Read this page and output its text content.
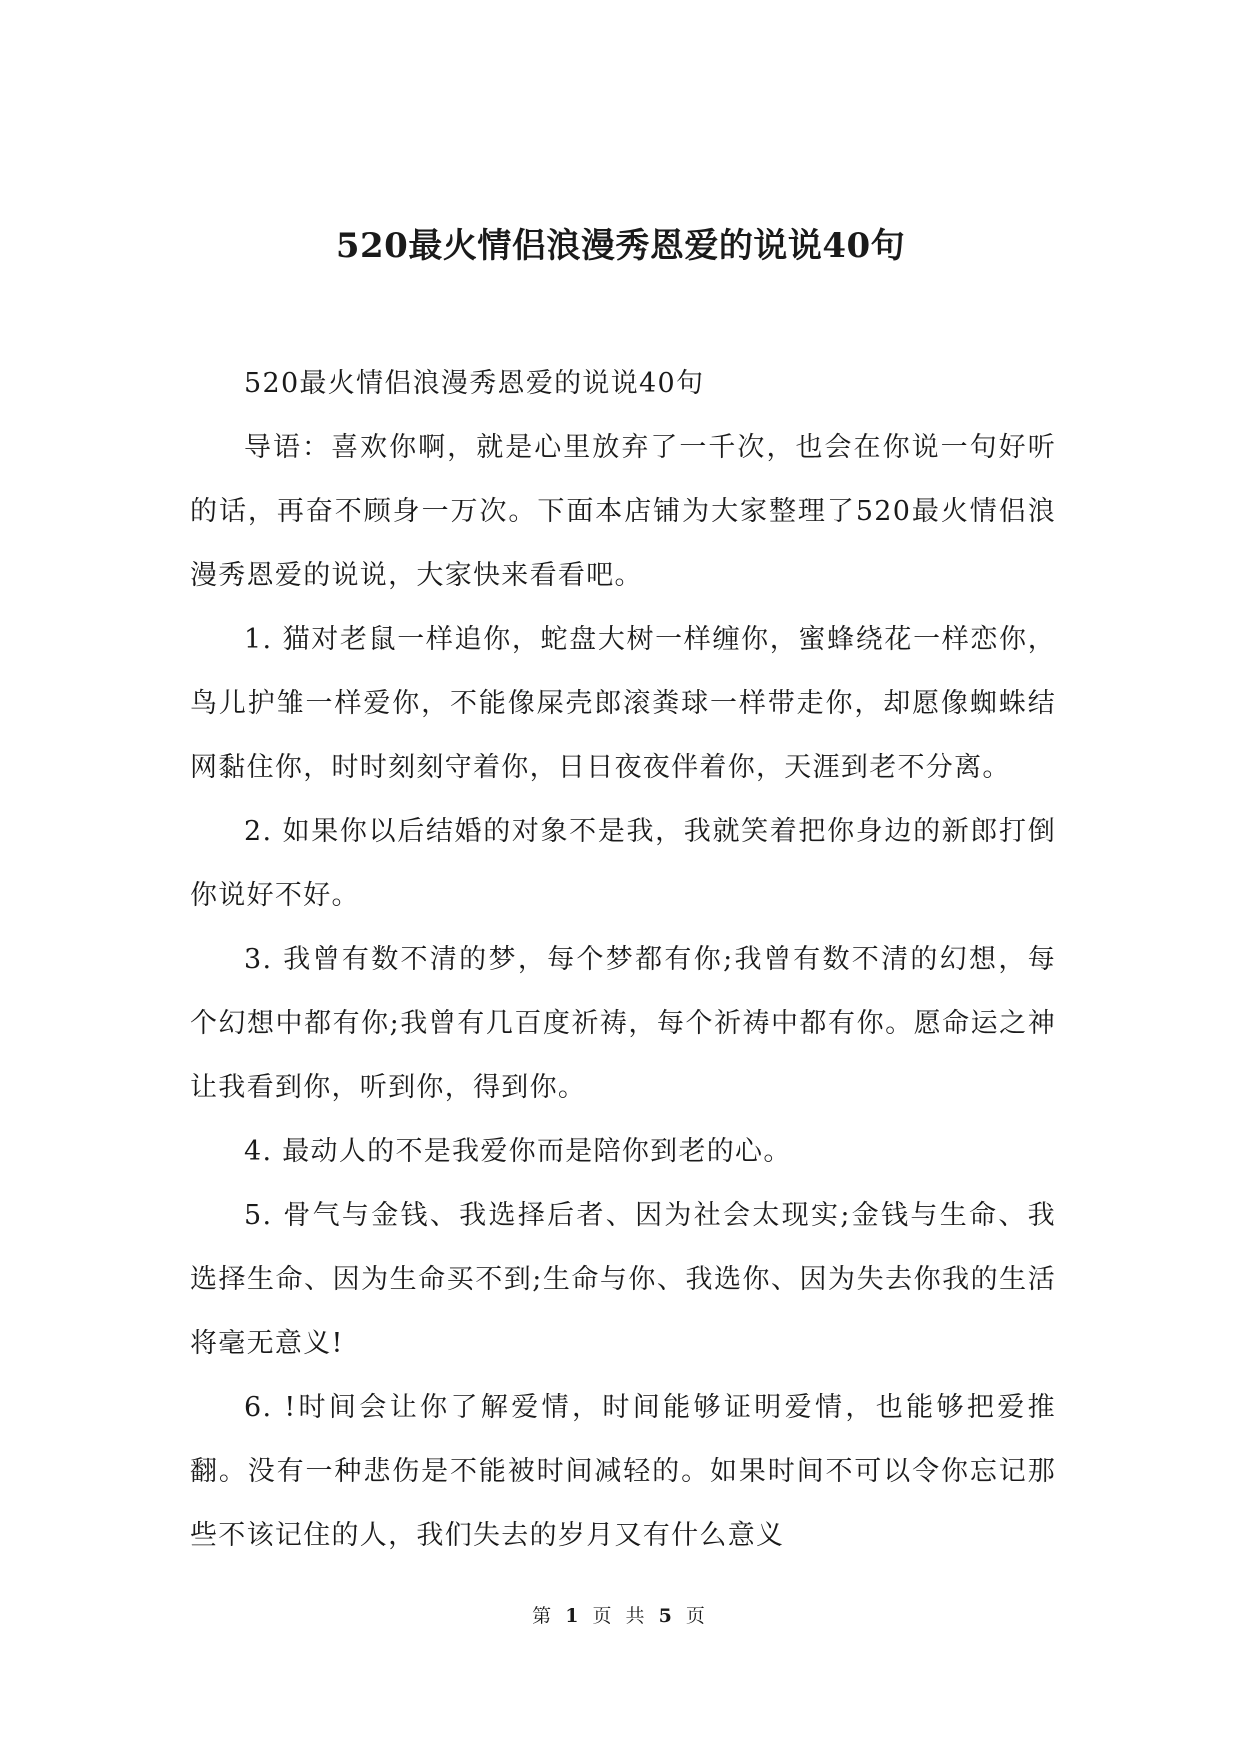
520最火情侣浪漫秀恩爱的说说40句

520最火情侣浪漫秀恩爱的说说40句

导语：喜欢你啊，就是心里放弃了一千次，也会在你说一句好听的话，再奋不顾身一万次。下面本店铺为大家整理了520最火情侣浪漫秀恩爱的说说，大家快来看看吧。

1. 猫对老鼠一样追你，蛇盘大树一样缠你，蜜蜂绕花一样恋你，鸟儿护雏一样爱你，不能像屎壳郎滚粪球一样带走你，却愿像蜘蛛结网黏住你，时时刻刻守着你，日日夜夜伴着你，天涯到老不分离。

2. 如果你以后结婚的对象不是我，我就笑着把你身边的新郎打倒你说好不好。

3. 我曾有数不清的梦，每个梦都有你;我曾有数不清的幻想，每个幻想中都有你;我曾有几百度祈祷，每个祈祷中都有你。愿命运之神让我看到你，听到你，得到你。

4. 最动人的不是我爱你而是陪你到老的心。

5. 骨气与金钱、我选择后者、因为社会太现实;金钱与生命、我选择生命、因为生命买不到;生命与你、我选你、因为失去你我的生活将毫无意义!

6. !时间会让你了解爱情，时间能够证明爱情，也能够把爱推翻。没有一种悲伤是不能被时间减轻的。如果时间不可以令你忘记那些不该记住的人，我们失去的岁月又有什么意义

第 1 页 共 5 页
